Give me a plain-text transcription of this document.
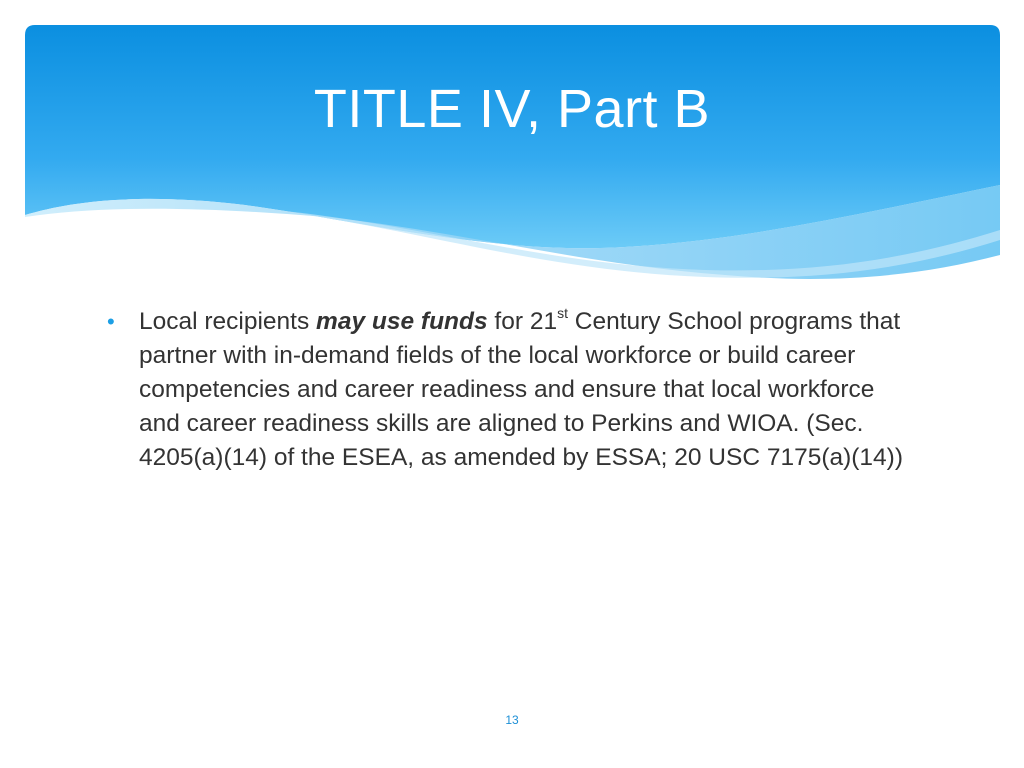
TITLE IV, Part B
• Local recipients may use funds for 21st Century School programs that partner with in-demand fields of the local workforce or build career competencies and career readiness and ensure that local workforce and career readiness skills are aligned to Perkins and WIOA. (Sec. 4205(a)(14) of the ESEA, as amended by ESSA; 20 USC 7175(a)(14))
13
